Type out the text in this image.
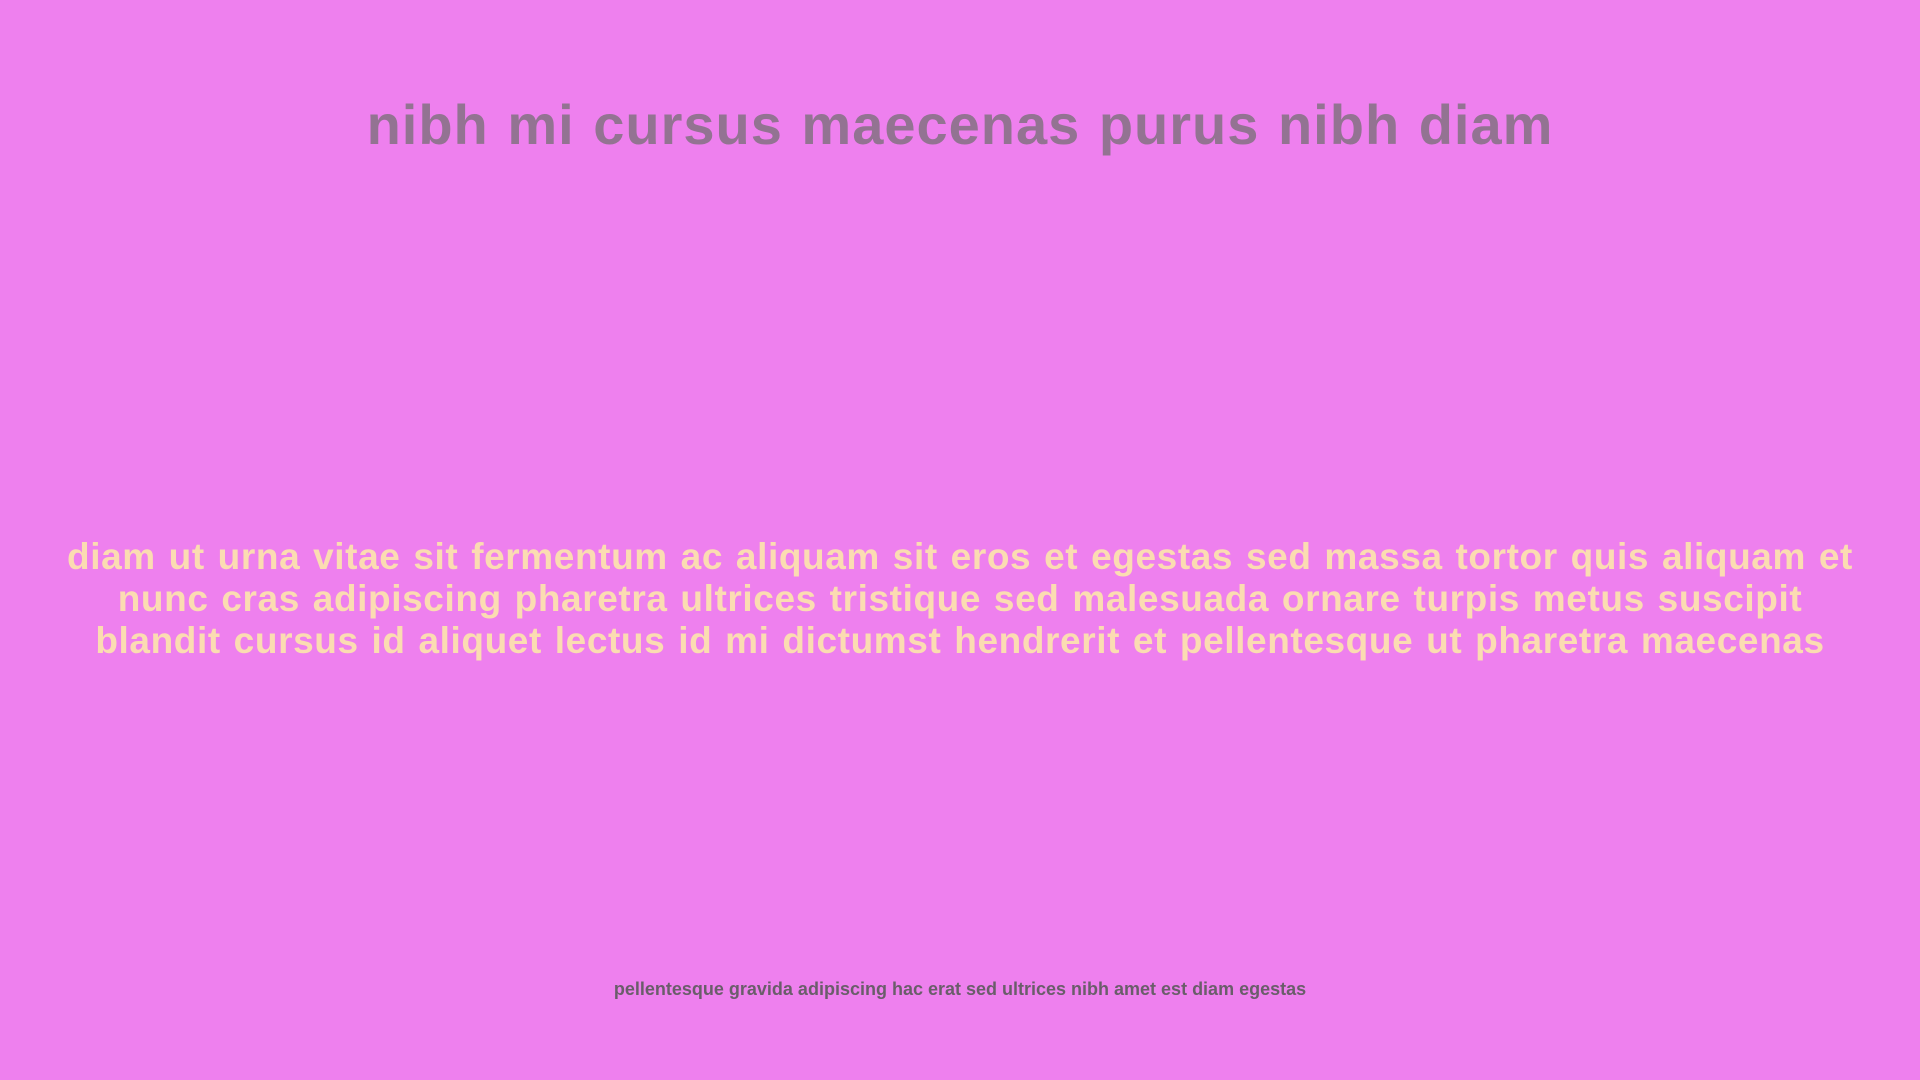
nibh mi cursus maecenas purus nibh diam

diam ut urna vitae sit fermentum ac aliquam sit eros et egestas sed massa tortor quis aliquam et nunc cras adipiscing pharetra ultrices tristique sed malesuada ornare turpis metus suscipit blandit cursus id aliquet lectus id mi dictumst hendrerit et pellentesque ut pharetra maecenas

pellentesque gravida adipiscing hac erat sed ultrices nibh amet est diam egestas
